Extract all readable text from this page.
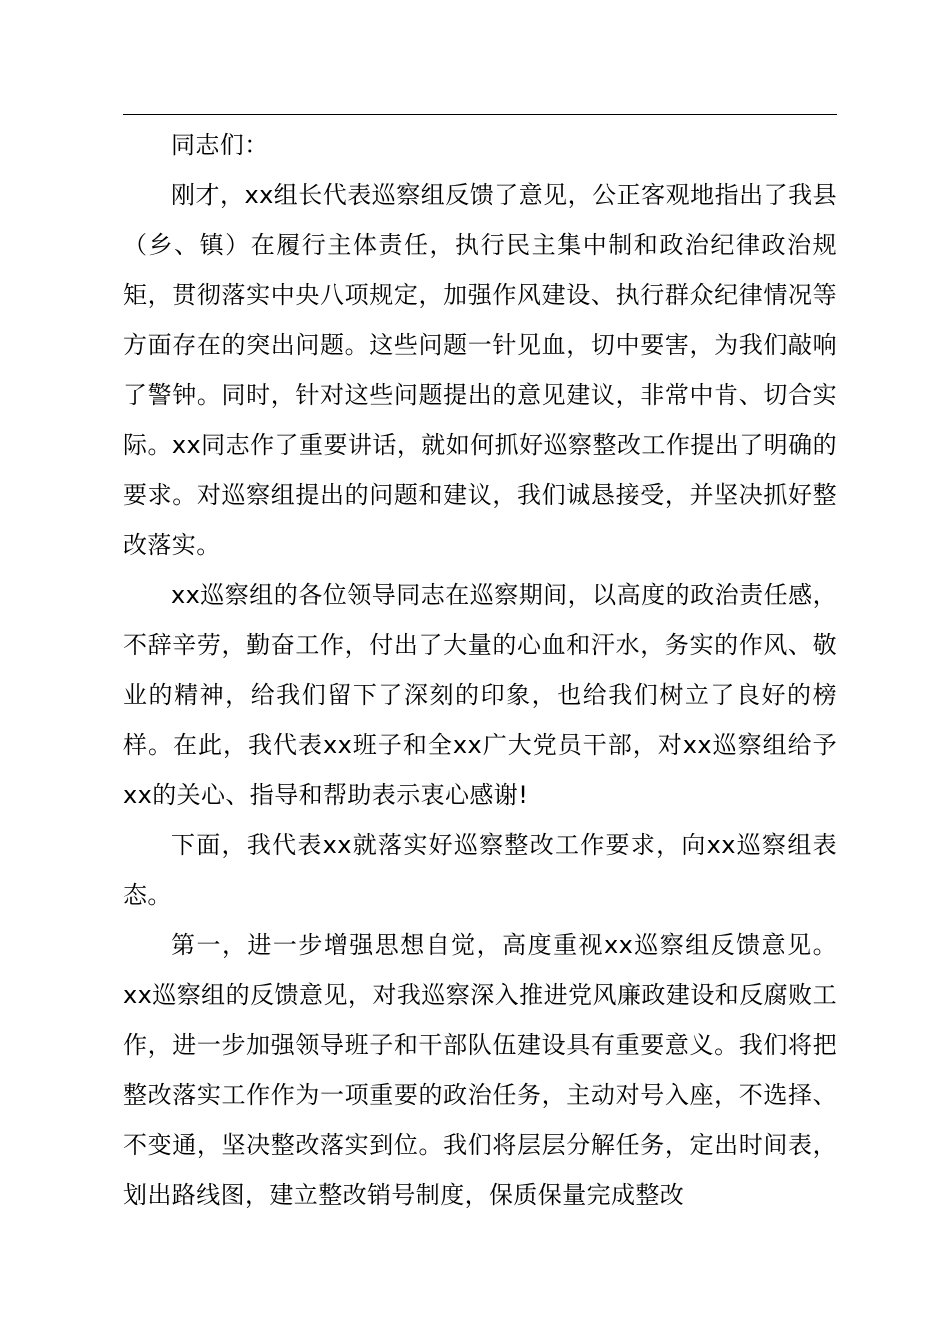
同志们：

刚才，xx组长代表巡察组反馈了意见，公正客观地指出了我县（乡、镇）在履行主体责任，执行民主集中制和政治纪律政治规矩，贯彻落实中央八项规定，加强作风建设、执行群众纪律情况等方面存在的突出问题。这些问题一针见血，切中要害，为我们敲响了警钟。同时，针对这些问题提出的意见建议，非常中肯、切合实际。xx同志作了重要讲话，就如何抓好巡察整改工作提出了明确的要求。对巡察组提出的问题和建议，我们诚恳接受，并坚决抓好整改落实。

xx巡察组的各位领导同志在巡察期间，以高度的政治责任感，不辞辛劳，勤奋工作，付出了大量的心血和汗水，务实的作风、敬业的精神，给我们留下了深刻的印象，也给我们树立了良好的榜样。在此，我代表xx班子和全xx广大党员干部，对xx巡察组给予xx的关心、指导和帮助表示衷心感谢!

下面，我代表xx就落实好巡察整改工作要求，向xx巡察组表态。

第一，进一步增强思想自觉，高度重视xx巡察组反馈意见。xx巡察组的反馈意见，对我巡察深入推进党风廉政建设和反腐败工作，进一步加强领导班子和干部队伍建设具有重要意义。我们将把整改落实工作作为一项重要的政治任务，主动对号入座，不选择、不变通，坚决整改落实到位。我们将层层分解任务，定出时间表，划出路线图，建立整改销号制度，保质保量完成整改
